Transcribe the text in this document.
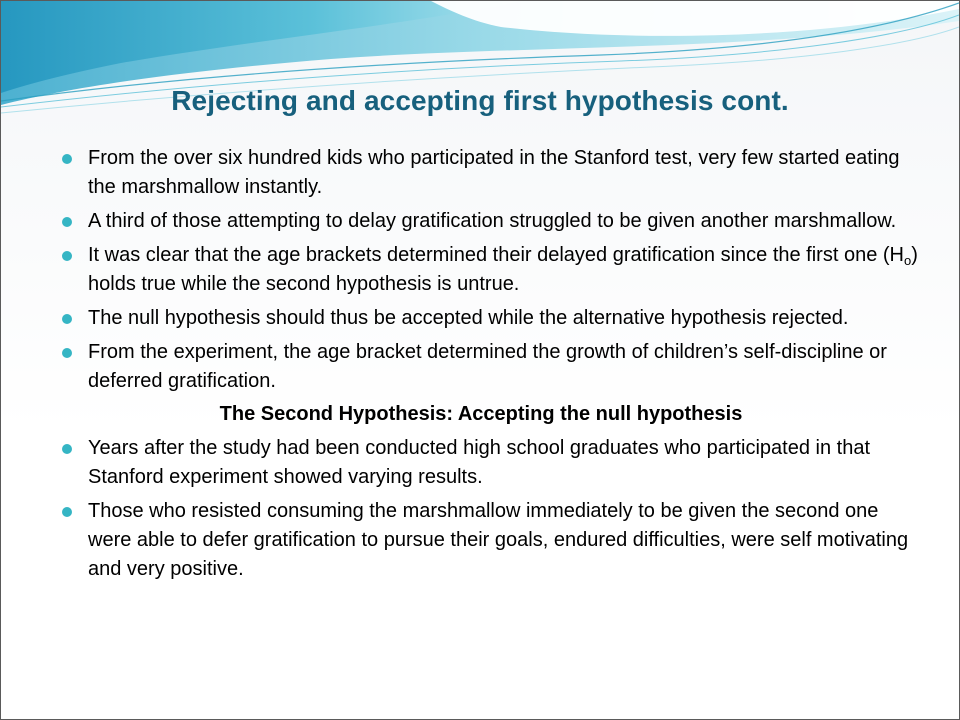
Rejecting and accepting first hypothesis cont.
From the over six hundred kids who participated in the Stanford test, very few started eating the marshmallow instantly.
A third of those attempting to delay gratification struggled to be given another marshmallow.
It was clear that the age brackets determined their delayed gratification since the first one $(H_o)$ holds true while the second hypothesis is untrue.
The null hypothesis should thus be accepted while the alternative hypothesis rejected.
From the experiment, the age bracket determined the growth of children’s self-discipline or deferred gratification.
The Second Hypothesis: Accepting the null hypothesis
Years after the study had been conducted high school graduates who participated in that Stanford experiment showed varying results.
Those who resisted consuming the marshmallow immediately to be given the second one were able to defer gratification to pursue their goals, endured difficulties, were self motivating and very positive.
